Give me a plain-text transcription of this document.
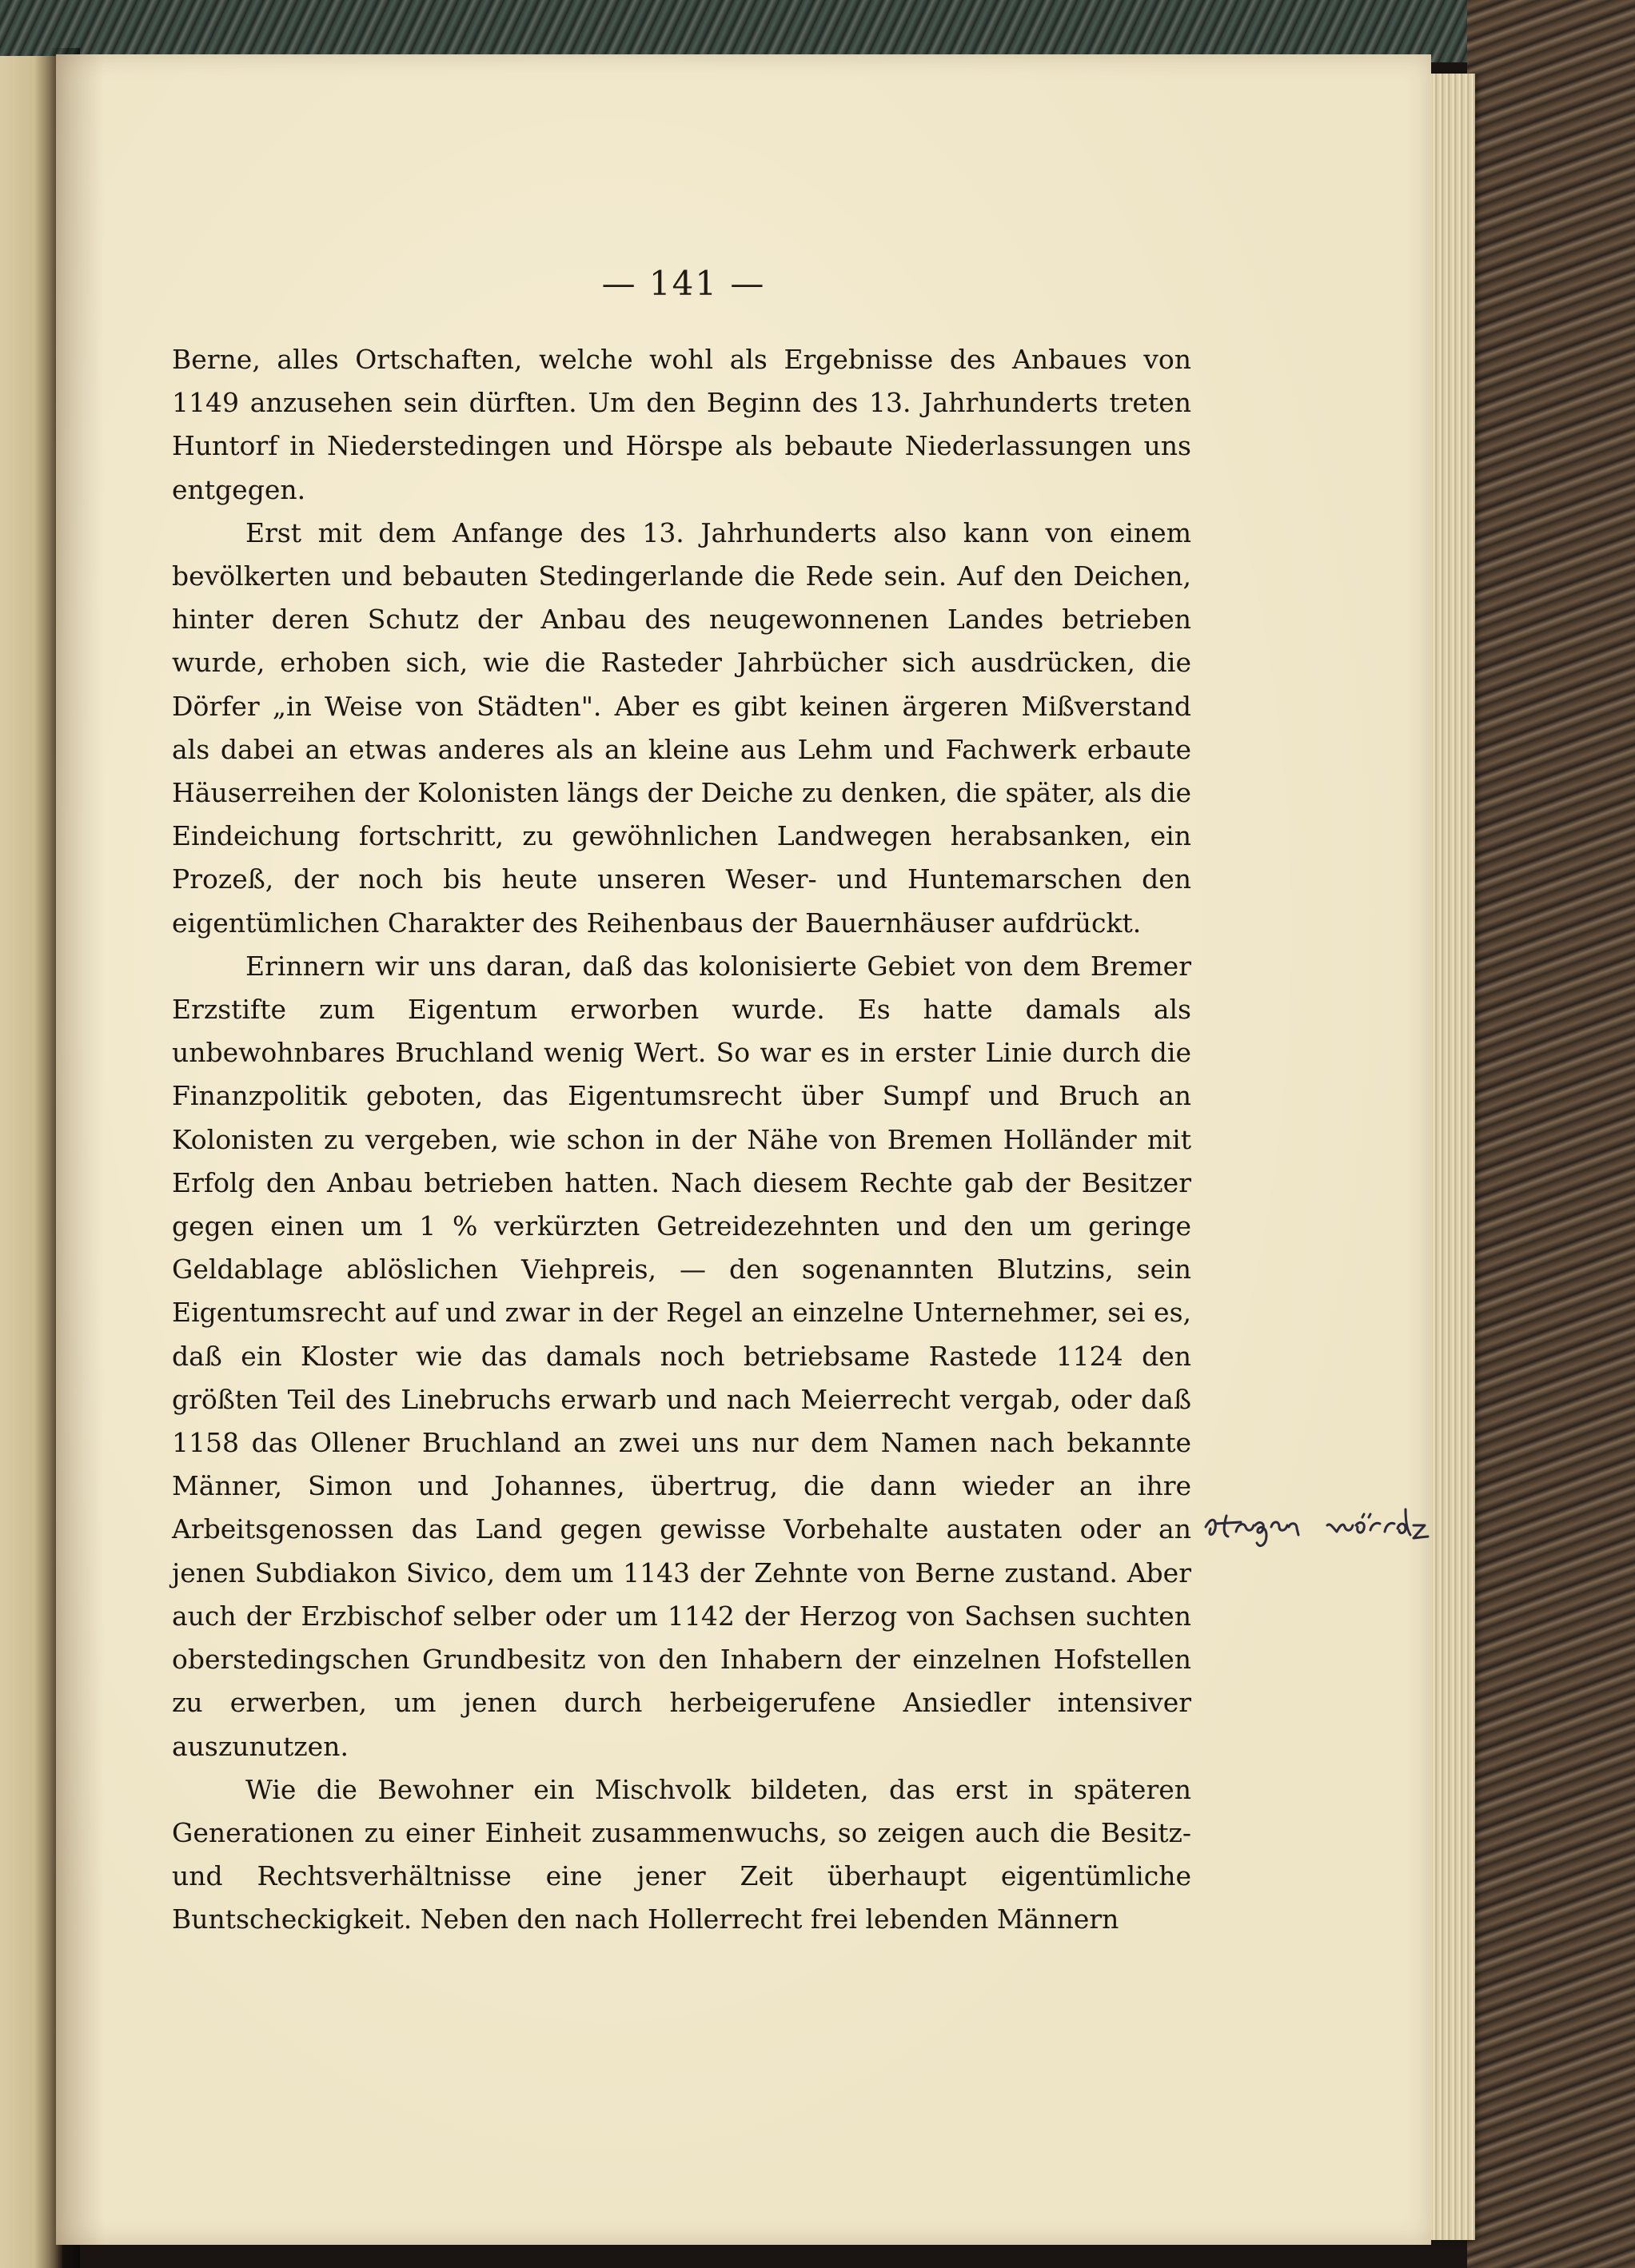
— 141 —

Berne, alles Ortschaften, welche wohl als Ergebnisse des Anbaues von 1149 anzusehen sein dürften. Um den Beginn des 13. Jahrhunderts treten Huntorf in Niederstedingen und Hörspe als bebaute Niederlassungen uns entgegen.

Erst mit dem Anfange des 13. Jahrhunderts also kann von einem bevölkerten und bebauten Stedingerlande die Rede sein. Auf den Deichen, hinter deren Schutz der Anbau des neugewonnenen Landes betrieben wurde, erhoben sich, wie die Rasteder Jahrbücher sich ausdrücken, die Dörfer „in Weise von Städten". Aber es gibt keinen ärgeren Mißverstand als dabei an etwas anderes als an kleine aus Lehm und Fachwerk erbaute Häuserreihen der Kolonisten längs der Deiche zu denken, die später, als die Eindeichung fortschritt, zu gewöhnlichen Landwegen herabsanken, ein Prozeß, der noch bis heute unseren Weser- und Huntemarschen den eigentümlichen Charakter des Reihenbaus der Bauernhäuser aufdrückt.

Erinnern wir uns daran, daß das kolonisierte Gebiet von dem Bremer Erzstifte zum Eigentum erworben wurde. Es hatte damals als unbewohnbares Bruchland wenig Wert. So war es in erster Linie durch die Finanzpolitik geboten, das Eigentumsrecht über Sumpf und Bruch an Kolonisten zu vergeben, wie schon in der Nähe von Bremen Holländer mit Erfolg den Anbau betrieben hatten. Nach diesem Rechte gab der Besitzer gegen einen um 1 % verkürzten Getreidezehnten und den um geringe Geldablage ablöslichen Viehpreis, — den sogenannten Blutzins, sein Eigentumsrecht auf und zwar in der Regel an einzelne Unternehmer, sei es, daß ein Kloster wie das damals noch betriebsame Rastede 1124 den größten Teil des Linebruchs erwarb und nach Meierrecht vergab, oder daß 1158 das Ollener Bruchland an zwei uns nur dem Namen nach bekannte Männer, Simon und Johannes, übertrug, die dann wieder an ihre Arbeitsgenossen das Land gegen gewisse Vorbehalte austaten oder an jenen Subdiakon Sivico, dem um 1143 der Zehnte von Berne zustand. Aber auch der Erzbischof selber oder um 1142 der Herzog von Sachsen suchten oberstedingschen Grundbesitz von den Inhabern der einzelnen Hofstellen zu erwerben, um jenen durch herbeigerufene Ansiedler intensiver auszunutzen.

Wie die Bewohner ein Mischvolk bildeten, das erst in späteren Generationen zu einer Einheit zusammenwuchs, so zeigen auch die Besitz- und Rechtsverhältnisse eine jener Zeit überhaupt eigentümliche Buntscheckigkeit. Neben den nach Hollerrecht frei lebenden Männern
